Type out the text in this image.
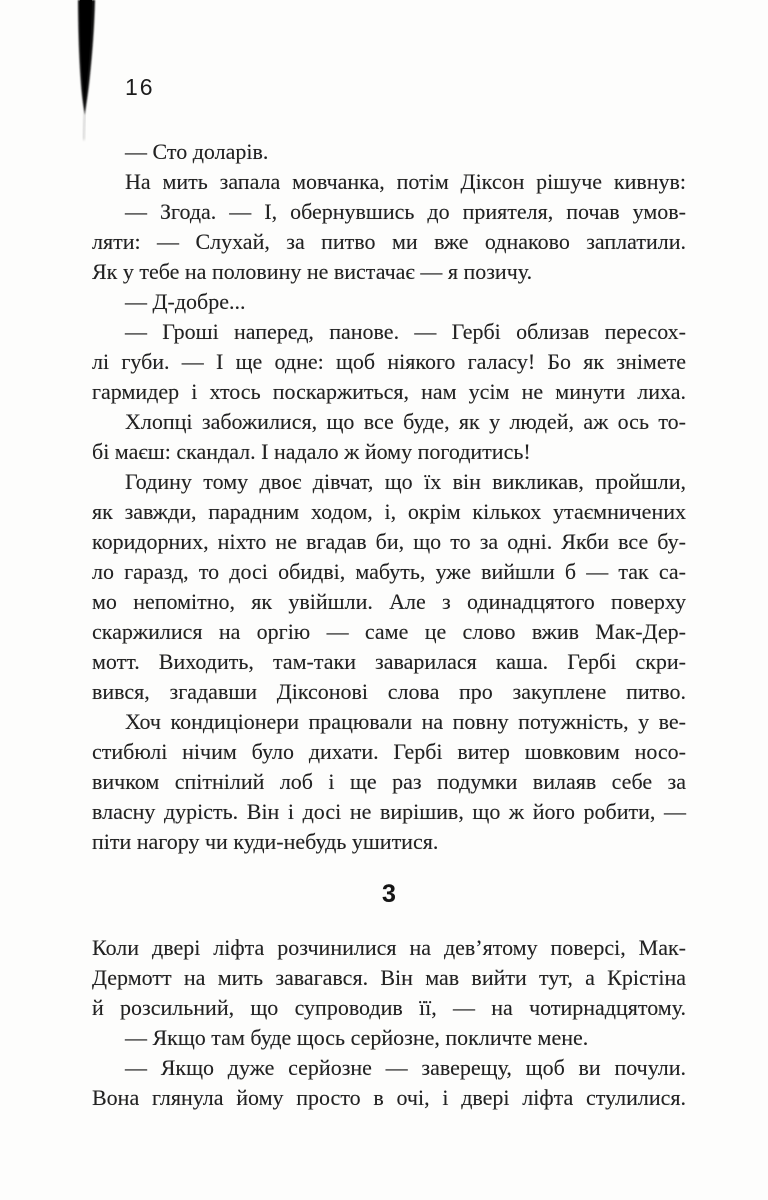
16
— Сто доларів.
На мить запала мовчанка, потім Діксон рішуче кивнув:
— Згода. — І, обернувшись до приятеля, почав умов-
ляти: — Слухай, за питво ми вже однаково заплатили.
Як у тебе на половину не вистачає — я позичу.
— Д-добре...
— Гроші наперед, панове. — Гербі облизав пересох-
лі губи. — І ще одне: щоб ніякого галасу! Бо як знімете
гармидер і хтось поскаржиться, нам усім не минути лиха.
Хлопці забожилися, що все буде, як у людей, аж ось то-
бі маєш: скандал. І надало ж йому погодитись!
Годину тому двоє дівчат, що їх він викликав, пройшли,
як завжди, парадним ходом, і, окрім кількох утаємничених
коридорних, ніхто не вгадав би, що то за одні. Якби все бу-
ло гаразд, то досі обидві, мабуть, уже вийшли б — так са-
мо непомітно, як увійшли. Але з одинадцятого поверху
скаржилися на оргію — саме це слово вжив Мак-Дер-
мотт. Виходить, там-таки заварилася каша. Гербі скри-
вився, згадавши Діксонові слова про закуплене питво.
Хоч кондиціонери працювали на повну потужність, у ве-
стибюлі нічим було дихати. Гербі витер шовковим носо-
вичком спітнілий лоб і ще раз подумки вилаяв себе за
власну дурість. Він і досі не вирішив, що ж його робити, —
піти нагору чи куди-небудь ушитися.
3
Коли двері ліфта розчинилися на дев’ятому поверсі, Мак-
Дермотт на мить завагався. Він мав вийти тут, а Крістіна
й розсильний, що супроводив її, — на чотирнадцятому.
— Якщо там буде щось серйозне, покличте мене.
— Якщо дуже серйозне — заверещу, щоб ви почули.
Вона глянула йому просто в очі, і двері ліфта стулилися.
